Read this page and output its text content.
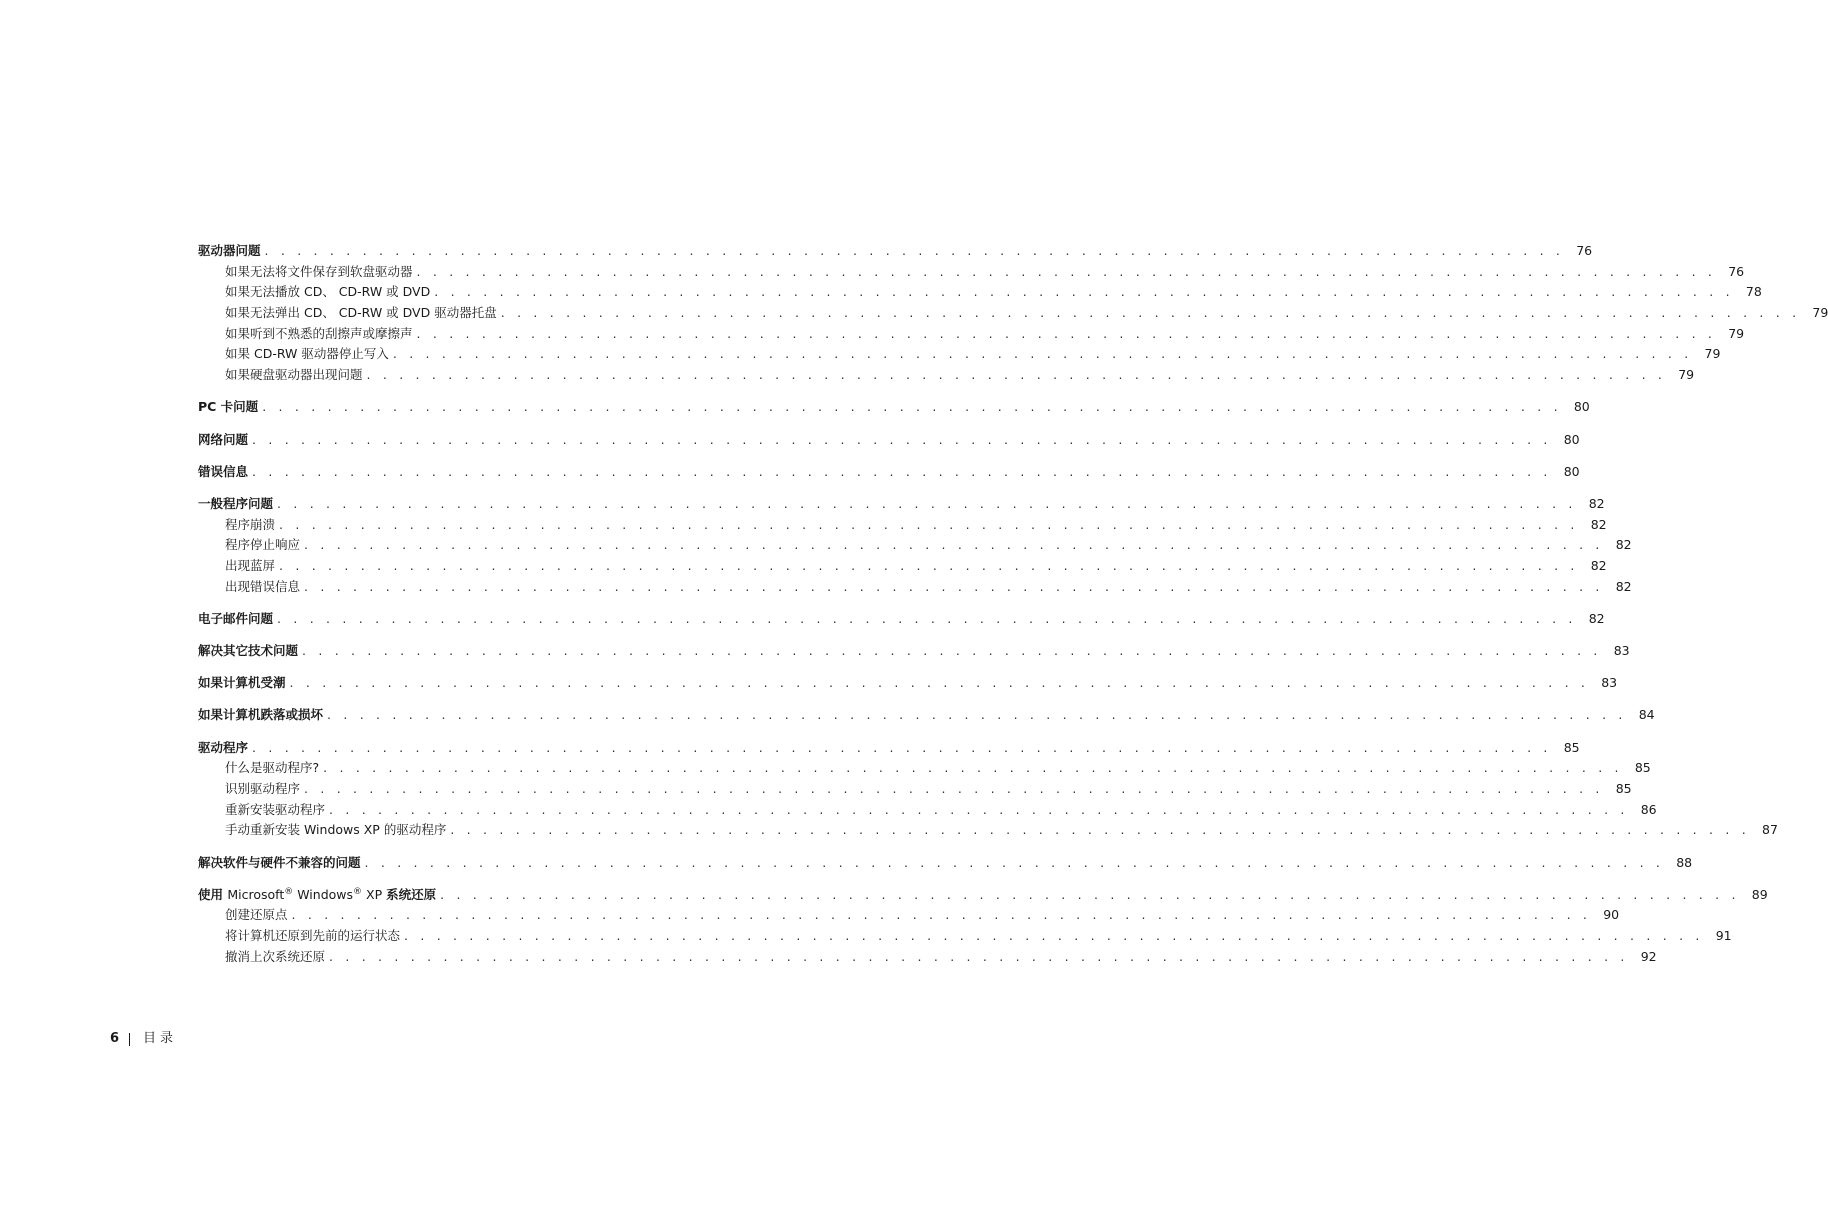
驱动器问题 . . . . . . . . . . . . . . . . . . . . . . . . . . . . . . . . . . . . . . . . . . . . . . . . . . . . . . . . . . . . . . . . . . . . . . . . . . . . . . . . 76
如果无法将文件保存到软盘驱动器 . . . . . . . . . . . . . . . . . . . . . . . . . . . . . . . . . . . . . . . . . . . . . . . . . . . . . . . . . . . . . . . . . . . . . . . . . . . . . . . . 76
如果无法播放 CD、 CD-RW 或 DVD . . . . . . . . . . . . . . . . . . . . . . . . . . . . . . . . . . . . . . . . . . . . . . . . . . . . . . . . . . . . . . . . . . . . . . . . . . . . . . . . 78
如果无法弹出 CD、 CD-RW 或 DVD 驱动器托盘 . . . . . . . . . . . . . . . . . . . . . . . . . . . . . . . . . . . . . . . . . . . . . . . . . . . . . . . . . . . . . . . . . . . . . . . . . . . . . . . . 79
如果听到不熟悉的刮擦声或摩擦声 . . . . . . . . . . . . . . . . . . . . . . . . . . . . . . . . . . . . . . . . . . . . . . . . . . . . . . . . . . . . . . . . . . . . . . . . . . . . . . . . 79
如果 CD-RW 驱动器停止写入 . . . . . . . . . . . . . . . . . . . . . . . . . . . . . . . . . . . . . . . . . . . . . . . . . . . . . . . . . . . . . . . . . . . . . . . . . . . . . . . . 79
如果硬盘驱动器出现问题 . . . . . . . . . . . . . . . . . . . . . . . . . . . . . . . . . . . . . . . . . . . . . . . . . . . . . . . . . . . . . . . . . . . . . . . . . . . . . . . . 79
PC 卡问题 . . . . . . . . . . . . . . . . . . . . . . . . . . . . . . . . . . . . . . . . . . . . . . . . . . . . . . . . . . . . . . . . . . . . . . . . . . . . . . . . 80
网络问题 . . . . . . . . . . . . . . . . . . . . . . . . . . . . . . . . . . . . . . . . . . . . . . . . . . . . . . . . . . . . . . . . . . . . . . . . . . . . . . . . 80
错误信息 . . . . . . . . . . . . . . . . . . . . . . . . . . . . . . . . . . . . . . . . . . . . . . . . . . . . . . . . . . . . . . . . . . . . . . . . . . . . . . . . 80
一般程序问题 . . . . . . . . . . . . . . . . . . . . . . . . . . . . . . . . . . . . . . . . . . . . . . . . . . . . . . . . . . . . . . . . . . . . . . . . . . . . . . . . 82
程序崩溃 . . . . . . . . . . . . . . . . . . . . . . . . . . . . . . . . . . . . . . . . . . . . . . . . . . . . . . . . . . . . . . . . . . . . . . . . . . . . . . . . 82
程序停止响应 . . . . . . . . . . . . . . . . . . . . . . . . . . . . . . . . . . . . . . . . . . . . . . . . . . . . . . . . . . . . . . . . . . . . . . . . . . . . . . . . 82
出现蓝屏 . . . . . . . . . . . . . . . . . . . . . . . . . . . . . . . . . . . . . . . . . . . . . . . . . . . . . . . . . . . . . . . . . . . . . . . . . . . . . . . . 82
出现错误信息 . . . . . . . . . . . . . . . . . . . . . . . . . . . . . . . . . . . . . . . . . . . . . . . . . . . . . . . . . . . . . . . . . . . . . . . . . . . . . . . . 82
电子邮件问题 . . . . . . . . . . . . . . . . . . . . . . . . . . . . . . . . . . . . . . . . . . . . . . . . . . . . . . . . . . . . . . . . . . . . . . . . . . . . . . . . 82
解决其它技术问题 . . . . . . . . . . . . . . . . . . . . . . . . . . . . . . . . . . . . . . . . . . . . . . . . . . . . . . . . . . . . . . . . . . . . . . . . . . . . . . . . 83
如果计算机受潮 . . . . . . . . . . . . . . . . . . . . . . . . . . . . . . . . . . . . . . . . . . . . . . . . . . . . . . . . . . . . . . . . . . . . . . . . . . . . . . . . 83
如果计算机跌落或损坏 . . . . . . . . . . . . . . . . . . . . . . . . . . . . . . . . . . . . . . . . . . . . . . . . . . . . . . . . . . . . . . . . . . . . . . . . . . . . . . . . 84
驱动程序 . . . . . . . . . . . . . . . . . . . . . . . . . . . . . . . . . . . . . . . . . . . . . . . . . . . . . . . . . . . . . . . . . . . . . . . . . . . . . . . . 85
什么是驱动程序? . . . . . . . . . . . . . . . . . . . . . . . . . . . . . . . . . . . . . . . . . . . . . . . . . . . . . . . . . . . . . . . . . . . . . . . . . . . . . . . . 85
识别驱动程序 . . . . . . . . . . . . . . . . . . . . . . . . . . . . . . . . . . . . . . . . . . . . . . . . . . . . . . . . . . . . . . . . . . . . . . . . . . . . . . . . 85
重新安装驱动程序 . . . . . . . . . . . . . . . . . . . . . . . . . . . . . . . . . . . . . . . . . . . . . . . . . . . . . . . . . . . . . . . . . . . . . . . . . . . . . . . . 86
手动重新安装 Windows XP 的驱动程序 . . . . . . . . . . . . . . . . . . . . . . . . . . . . . . . . . . . . . . . . . . . . . . . . . . . . . . . . . . . . . . . . . . . . . . . . . . . . . . . . 87
解决软件与硬件不兼容的问题 . . . . . . . . . . . . . . . . . . . . . . . . . . . . . . . . . . . . . . . . . . . . . . . . . . . . . . . . . . . . . . . . . . . . . . . . . . . . . . . . 88
使用 Microsoft® Windows® XP 系统还原 . . . . . . . . . . . . . . . . . . . . . . . . . . . . . . . . . . . . . . . . . . . . . . . . . . . . . . . . . . . . . . . . . . . . . . . . . . . . . . . . 89
创建还原点 . . . . . . . . . . . . . . . . . . . . . . . . . . . . . . . . . . . . . . . . . . . . . . . . . . . . . . . . . . . . . . . . . . . . . . . . . . . . . . . . 90
将计算机还原到先前的运行状态 . . . . . . . . . . . . . . . . . . . . . . . . . . . . . . . . . . . . . . . . . . . . . . . . . . . . . . . . . . . . . . . . . . . . . . . . . . . . . . . . 91
撤消上次系统还原 . . . . . . . . . . . . . . . . . . . . . . . . . . . . . . . . . . . . . . . . . . . . . . . . . . . . . . . . . . . . . . . . . . . . . . . . . . . . . . . . 92
6 目录
